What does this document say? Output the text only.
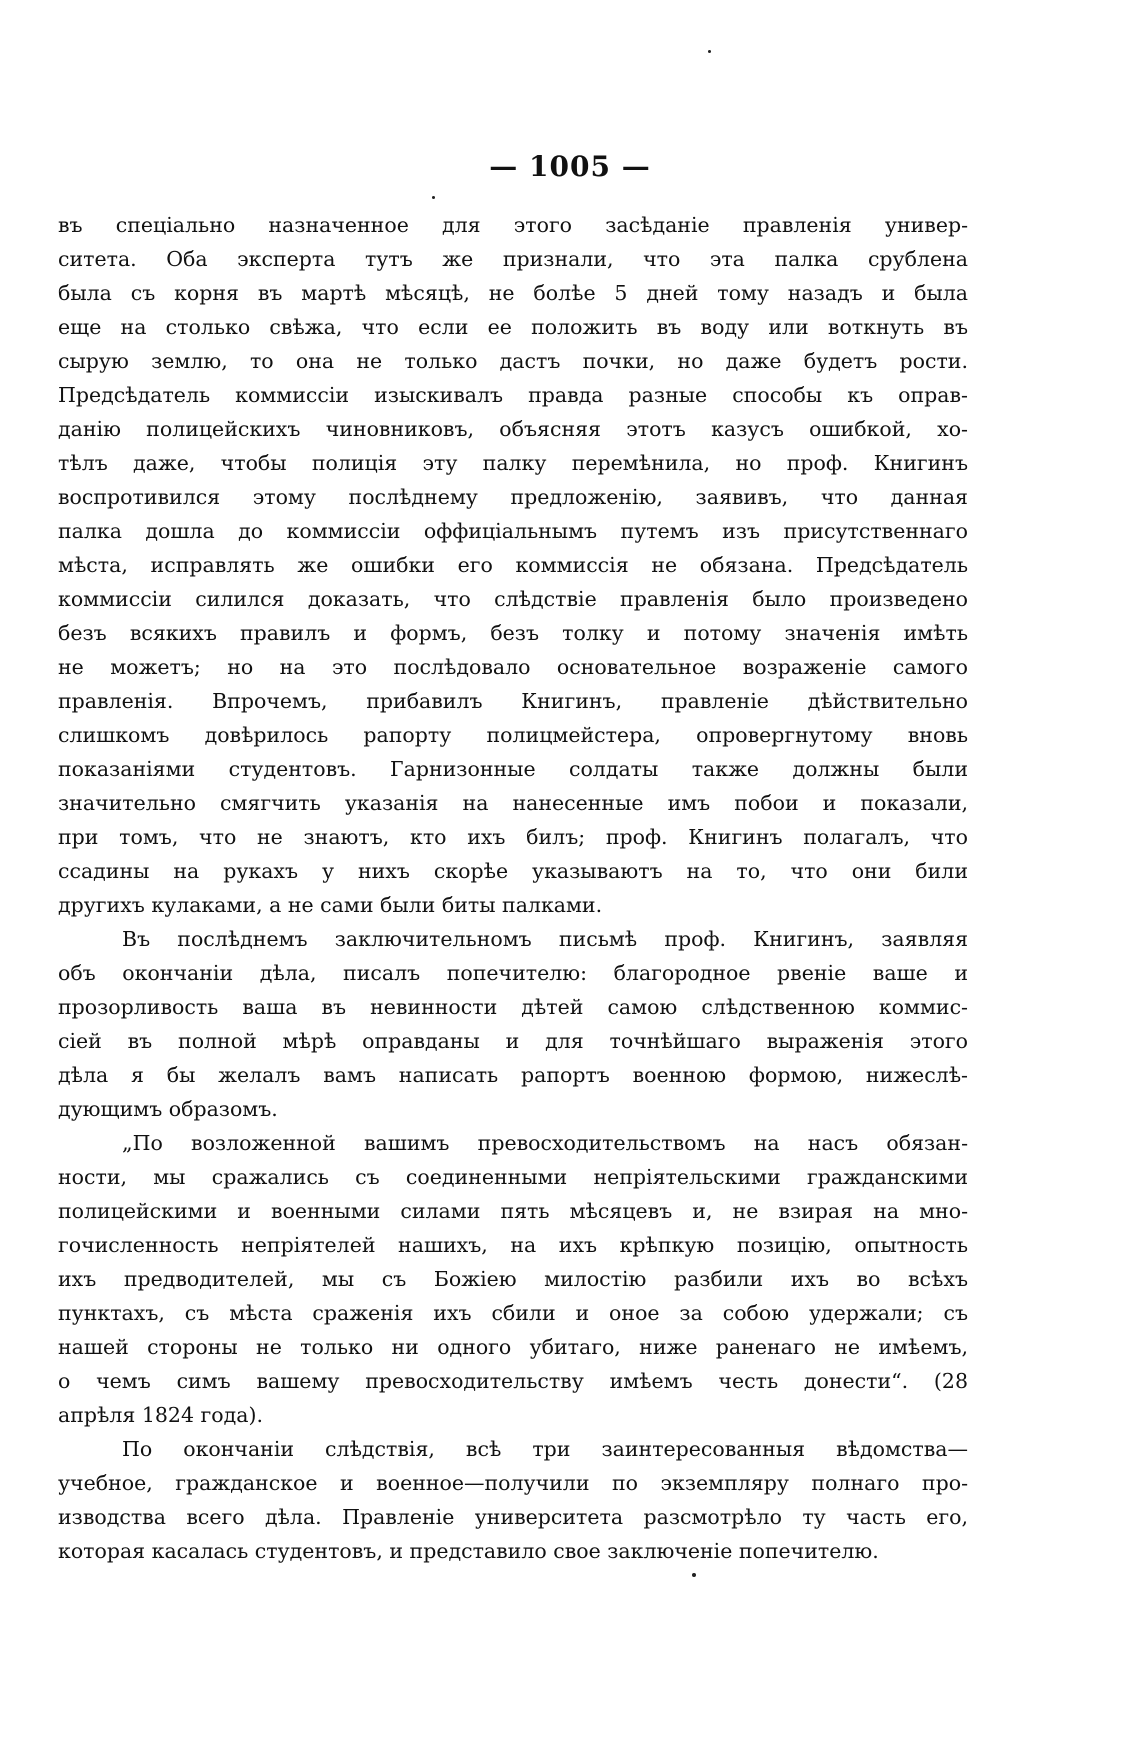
— 1005 —
въ спеціально назначенное для этого засѣданіе правленія универ-
ситета. Оба эксперта тутъ же признали, что эта палка срублена
была съ корня въ мартѣ мѣсяцѣ, не болѣе 5 дней тому назадъ и была
еще на столько свѣжа, что если ее положить въ воду или воткнуть въ
сырую землю, то она не только дастъ почки, но даже будетъ рости.
Предсѣдатель коммиссіи изыскивалъ правда разные способы къ оправ-
данію полицейскихъ чиновниковъ, объясняя этотъ казусъ ошибкой, хо-
тѣлъ даже, чтобы полиція эту палку перемѣнила, но проф. Книгинъ
воспротивился этому послѣднему предложенію, заявивъ, что данная
палка дошла до коммиссіи оффиціальнымъ путемъ изъ присутственнаго
мѣста, исправлять же ошибки его коммиссія не обязана. Предсѣдатель
коммиссіи силился доказать, что слѣдствіе правленія было произведено
безъ всякихъ правилъ и формъ, безъ толку и потому значенія имѣть
не можетъ; но на это послѣдовало основательное возраженіе самого
правленія. Впрочемъ, прибавилъ Книгинъ, правленіе дѣйствительно
слишкомъ довѣрилось рапорту полицмейстера, опровергнутому вновь
показаніями студентовъ. Гарнизонные солдаты также должны были
значительно смягчить указанія на нанесенные имъ побои и показали,
при томъ, что не знаютъ, кто ихъ билъ; проф. Книгинъ полагалъ, что
ссадины на рукахъ у нихъ скорѣе указываютъ на то, что они били
другихъ кулаками, а не сами были биты палками.
Въ послѣднемъ заключительномъ письмѣ проф. Книгинъ, заявляя
объ окончаніи дѣла, писалъ попечителю: благородное рвеніе ваше и
прозорливость ваша въ невинности дѣтей самою слѣдственною коммис-
сіей въ полной мѣрѣ оправданы и для точнѣйшаго выраженія этого
дѣла я бы желалъ вамъ написать рапортъ военною формою, нижеслѣ-
дующимъ образомъ.
„По возложенной вашимъ превосходительствомъ на насъ обязан-
ности, мы сражались съ соединенными непріятельскими гражданскими
полицейскими и военными силами пять мѣсяцевъ и, не взирая на мно-
гочисленность непріятелей нашихъ, на ихъ крѣпкую позицію, опытность
ихъ предводителей, мы съ Божіею милостію разбили ихъ во всѣхъ
пунктахъ, съ мѣста сраженія ихъ сбили и оное за собою удержали; съ
нашей стороны не только ни одного убитаго, ниже раненаго не имѣемъ,
о чемъ симъ вашему превосходительству имѣемъ честь донести“. (28
апрѣля 1824 года).
По окончаніи слѣдствія, всѣ три заинтересованныя вѣдомства—
учебное, гражданское и военное—получили по экземпляру полнаго про-
изводства всего дѣла. Правленіе университета разсмотрѣло ту часть его,
которая касалась студентовъ, и представило свое заключеніе попечителю.
